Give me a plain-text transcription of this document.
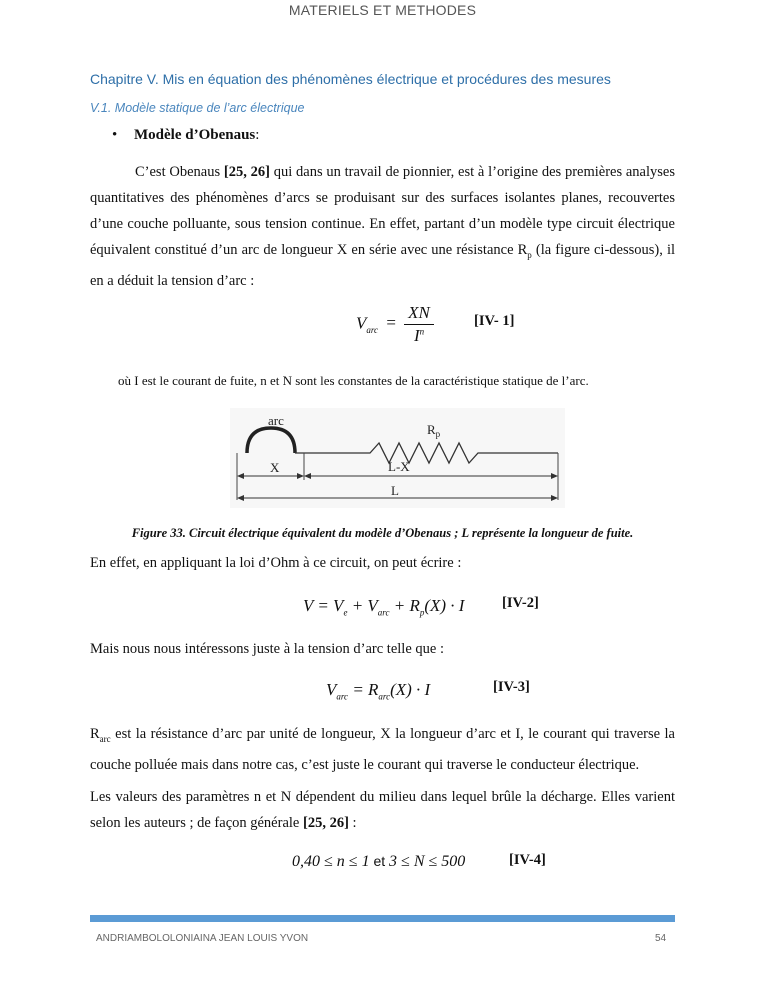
MATERIELS ET METHODES
Chapitre V. Mis en équation des phénomènes électrique et procédures des mesures
V.1. Modèle statique de l’arc électrique
• Modèle d’Obenaus:
C’est Obenaus [25, 26] qui dans un travail de pionnier, est à l’origine des premières analyses quantitatives des phénomènes d’arcs se produisant sur des surfaces isolantes planes, recouvertes d’une couche polluante, sous tension continue. En effet, partant d’un modèle type circuit électrique équivalent constitué d’un arc de longueur X en série avec une résistance $R_p$ (la figure ci-dessous), il en a déduit la tension d’arc :
$V_{arc} = \frac{XN}{I^n}$	[IV- 1]
où I est le courant de fuite, n et N sont les constantes de la caractéristique statique de l’arc.
arc
$R_p$
X	L-X
L
Figure 33. Circuit électrique équivalent du modèle d’Obenaus ; L représente la longueur de fuite.
En effet, en appliquant la loi d’Ohm à ce circuit, on peut écrire :
$V = V_e + V_{arc} + R_p(X) \cdot I$	[IV-2]
Mais nous nous intéressons juste à la tension d’arc telle que :
$V_{arc} = R_{arc}(X) \cdot I$	[IV-3]
$R_{arc}$ est la résistance d’arc par unité de longueur, X la longueur d’arc et I, le courant qui traverse la couche polluée mais dans notre cas, c’est juste le courant qui traverse le conducteur électrique.
Les valeurs des paramètres n et N dépendent du milieu dans lequel brûle la décharge. Elles varient selon les auteurs ; de façon générale [25, 26] :
0,40 ≤ n ≤ 1 et 3 ≤ N ≤ 500	[IV-4]
ANDRIAMBOLOLONIAINA JEAN LOUIS YVON	54
